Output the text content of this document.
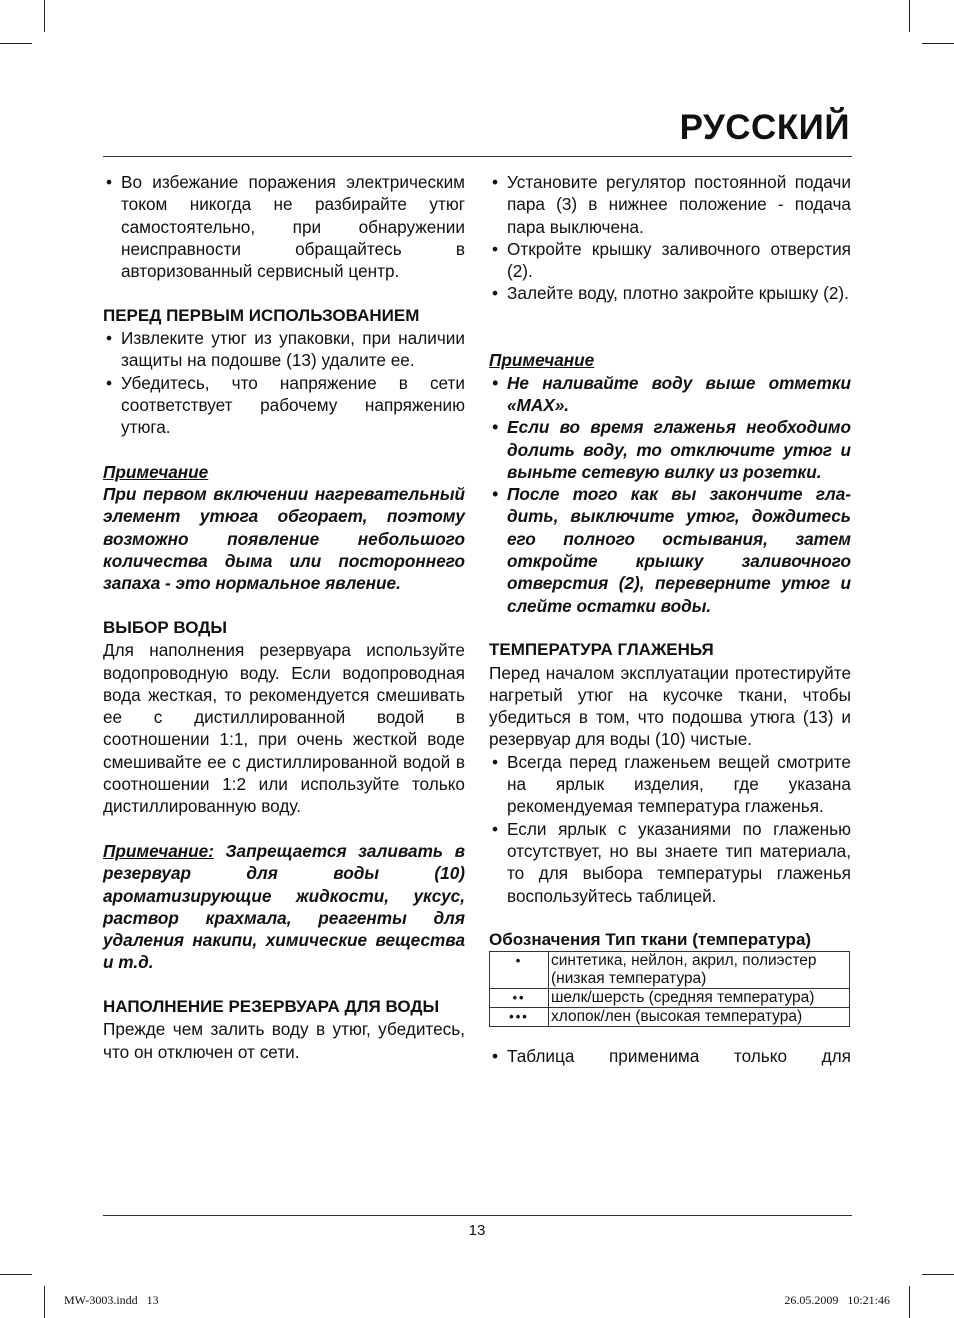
РУССКИЙ
• Во избежание поражения электрическим током никогда не разбирайте утюг самостоятельно, при обнаружении неисправности обращайтесь в авторизованный сервисный центр.
ПЕРЕД ПЕРВЫМ ИСПОЛЬЗОВАНИЕМ
• Извлеките утюг из упаковки, при наличии защиты на подошве (13) удалите ее.
• Убедитесь, что напряжение в сети соответствует рабочему напряжению утюга.

Примечание

При первом включении нагревательный элемент утюга обгорает, поэтому возможно появление небольшого количества дыма или постороннего запаха - это нормальное явление.

ВЫБОР ВОДЫ

Для наполнения резервуара используйте водопроводную воду. Если водопроводная вода жесткая, то рекомендуется смешивать ее с дистиллированной водой в соотношении 1:1, при очень жесткой воде смешивайте ее с дистиллированной водой в соотношении 1:2 или используйте только дистиллированную воду.

Примечание: Запрещается заливать в резервуар для воды (10) ароматизирующие жидкости, уксус, раствор крахмала, реагенты для удаления накипи, химические вещества и т.д.

НАПОЛНЕНИЕ РЕЗЕРВУАРА ДЛЯ ВОДЫ

Прежде чем залить воду в утюг, убедитесь, что он отключен от сети.

• Установите регулятор постоянной подачи пара (3) в нижнее положение - подача пара выключена.
• Откройте крышку заливочного отверстия (2).
• Залейте воду, плотно закройте крышку (2).

Примечание

• Не наливайте воду выше отметки «MAX».
• Если во время глаженья необходимо долить воду, то отключите утюг и выньте сетевую вилку из розетки.
• После того как вы закончите гладить, выключите утюг, дождитесь его полного остывания, затем откройте крышку заливочного отверстия (2), переверните утюг и слейте остатки воды.
ТЕМПЕРАТУРА ГЛАЖЕНЬЯ

Перед началом эксплуатации протестируйте нагретый утюг на кусочке ткани, чтобы убедиться в том, что подошва утюга (13) и резервуар для воды (10) чистые.

• Всегда перед глаженьем вещей смотрите на ярлык изделия, где указана рекомендуемая температура глаженья.
• Если ярлык с указаниями по глаженью отсутствует, но вы знаете тип материала, то для выбора температуры глаженья воспользуйтесь таблицей.
Обозначения Тип ткани (температура)
•	синтетика, нейлон, акрил, полиэстер (низкая температура)
••	шелк/шерсть (средняя температура)
•••	хлопок/лен (высокая температура)
• Таблица применима только для
13
MW-3003.indd   13	26.05.2009   10:21:46
